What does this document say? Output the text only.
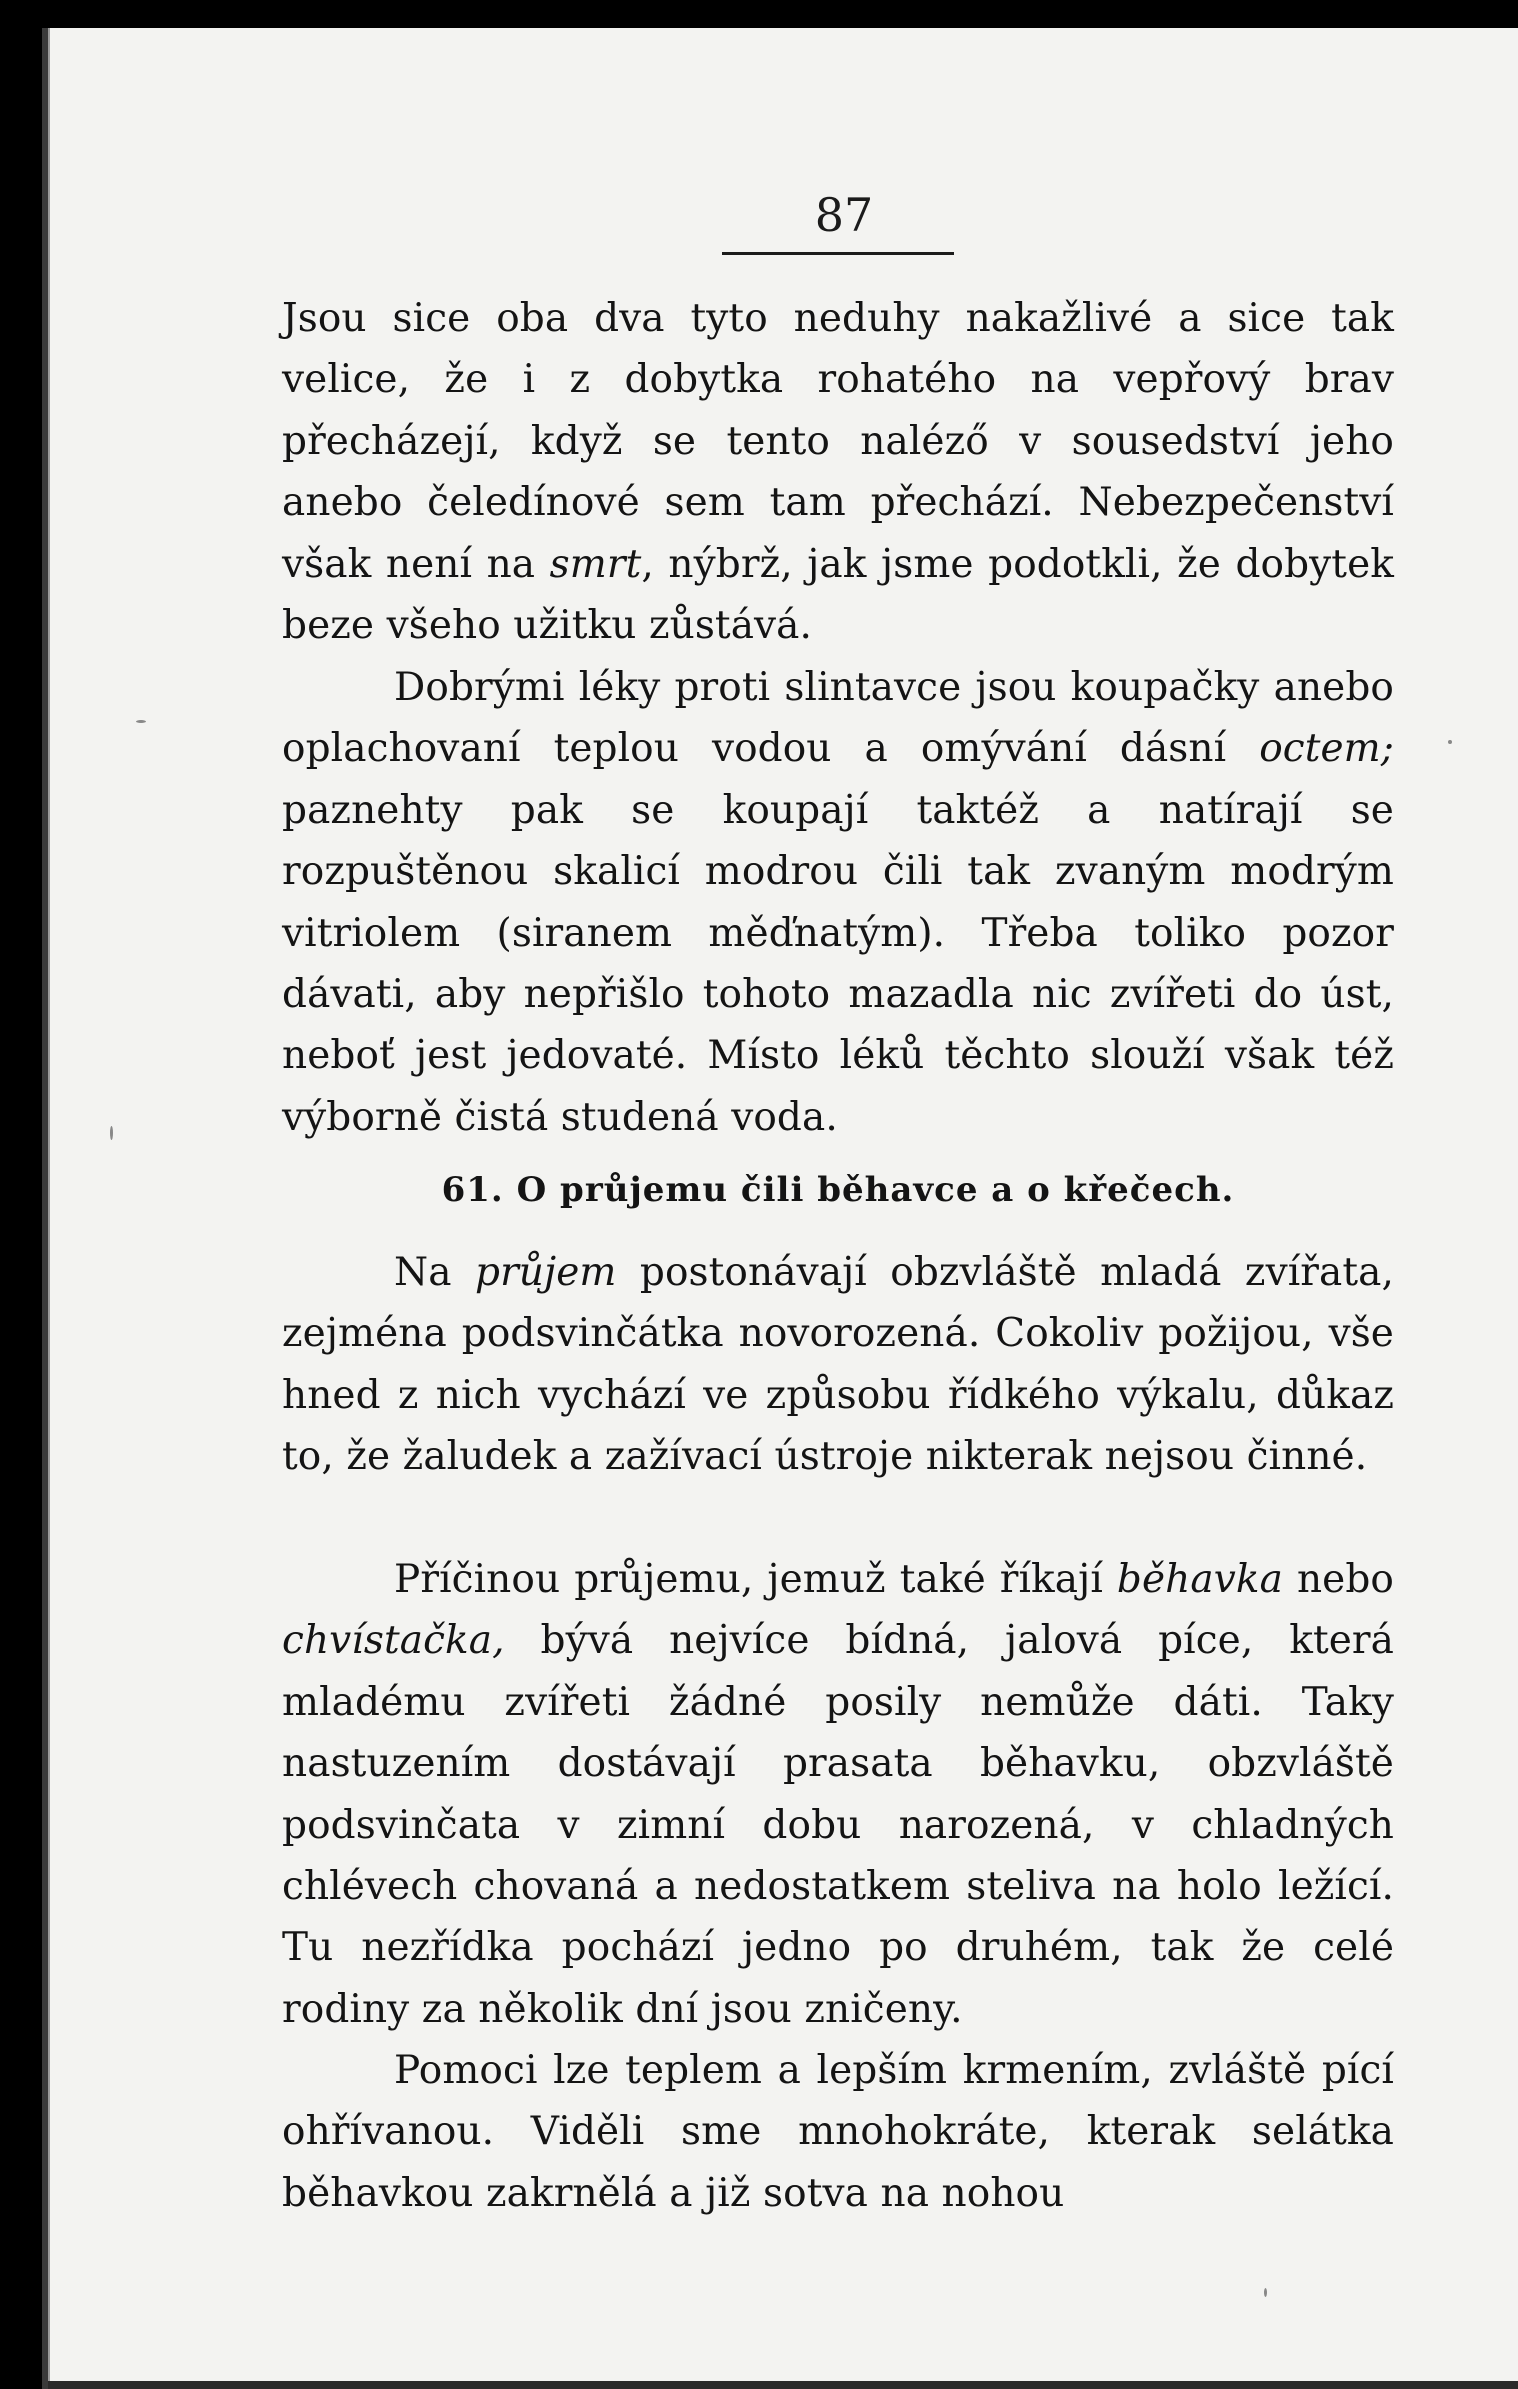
87

Jsou sice oba dva tyto neduhy nakažlivé a sice tak velice, že i z dobytka rohatého na vepřový brav přecházejí, když se tento naléző v sousedství jeho anebo čeledínové sem tam přechází. Nebezpečenství však není na smrt, nýbrž, jak jsme podotkli, že dobytek beze všeho užitku zůstává.

Dobrými léky proti slintavce jsou koupačky anebo oplachovaní teplou vodou a omývání dásní octem; paznehty pak se koupají taktéž a natírají se rozpuštěnou skalicí modrou čili tak zvaným modrým vitriolem (siranem měďnatým). Třeba toliko pozor dávati, aby nepřišlo tohoto mazadla nic zvířeti do úst, neboť jest jedovaté. Místo léků těchto slouží však též výborně čistá studená voda.

61. O průjemu čili běhavce a o křečech.

Na průjem postonávají obzvláště mladá zvířata, zejména podsvinčátka novorozená. Cokoliv požijou, vše hned z nich vychází ve způsobu řídkého výkalu, důkaz to, že žaludek a zažívací ústroje nikterak nejsou činné.

Příčinou průjemu, jemuž také říkají běhavka nebo chvístačka, bývá nejvíce bídná, jalová píce, která mladému zvířeti žádné posily nemůže dáti. Taky nastuzením dostávají prasata běhavku, obzvláště podsvinčata v zimní dobu narozená, v chladných chlévech chovaná a nedostatkem steliva na holo ležící. Tu nezřídka pochází jedno po druhém, tak že celé rodiny za několik dní jsou zničeny.

Pomoci lze teplem a lepším krmením, zvláště pící ohřívanou. Viděli sme mnohokráte, kterak selátka běhavkou zakrnělá a již sotva na nohou
